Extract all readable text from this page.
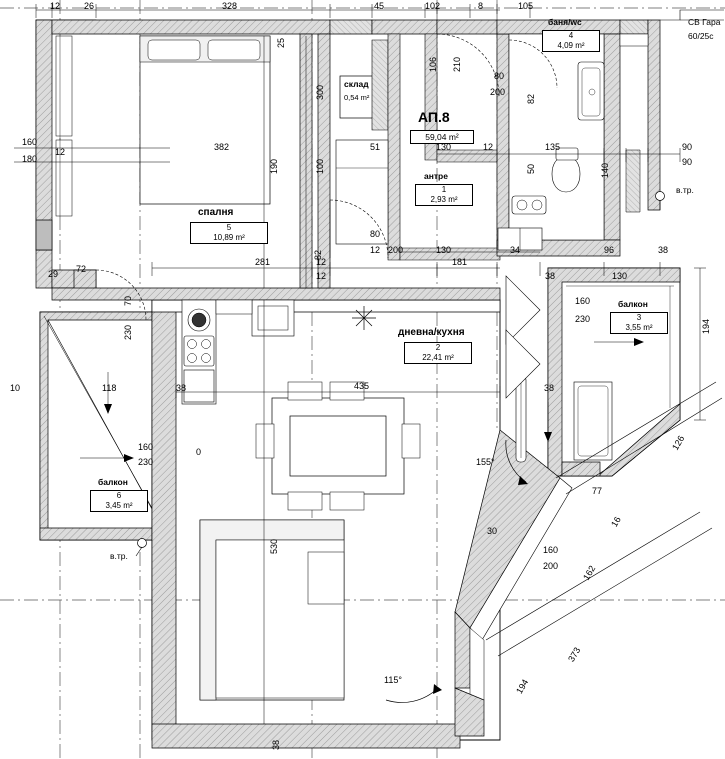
12	26	328	45	102	8	105
106 210
300
25
190	100
82
82
50	140
70
230
530
194
126
16
162
373
194
160
180
12	382
спалня
5
10,89 m²
склад
0,54 m²
АП.8
59,04 m²
антре
1
2,93 m²
баня/wc
4
4,09 m²
дневна/кухня
2
22,41 m²
балкон
3
3,55 m²
балкон
6
3,45 m²
281	12
12
80
12 200	130
181
34
38
96
130
38
135	90
90
12
130
51
80
200
435
72
29
10	118
160
230
0
38
160
230
38
77
30
160
200
38
155°
115°
СВ Гара
60/25с
в.тр.
в.тр.
